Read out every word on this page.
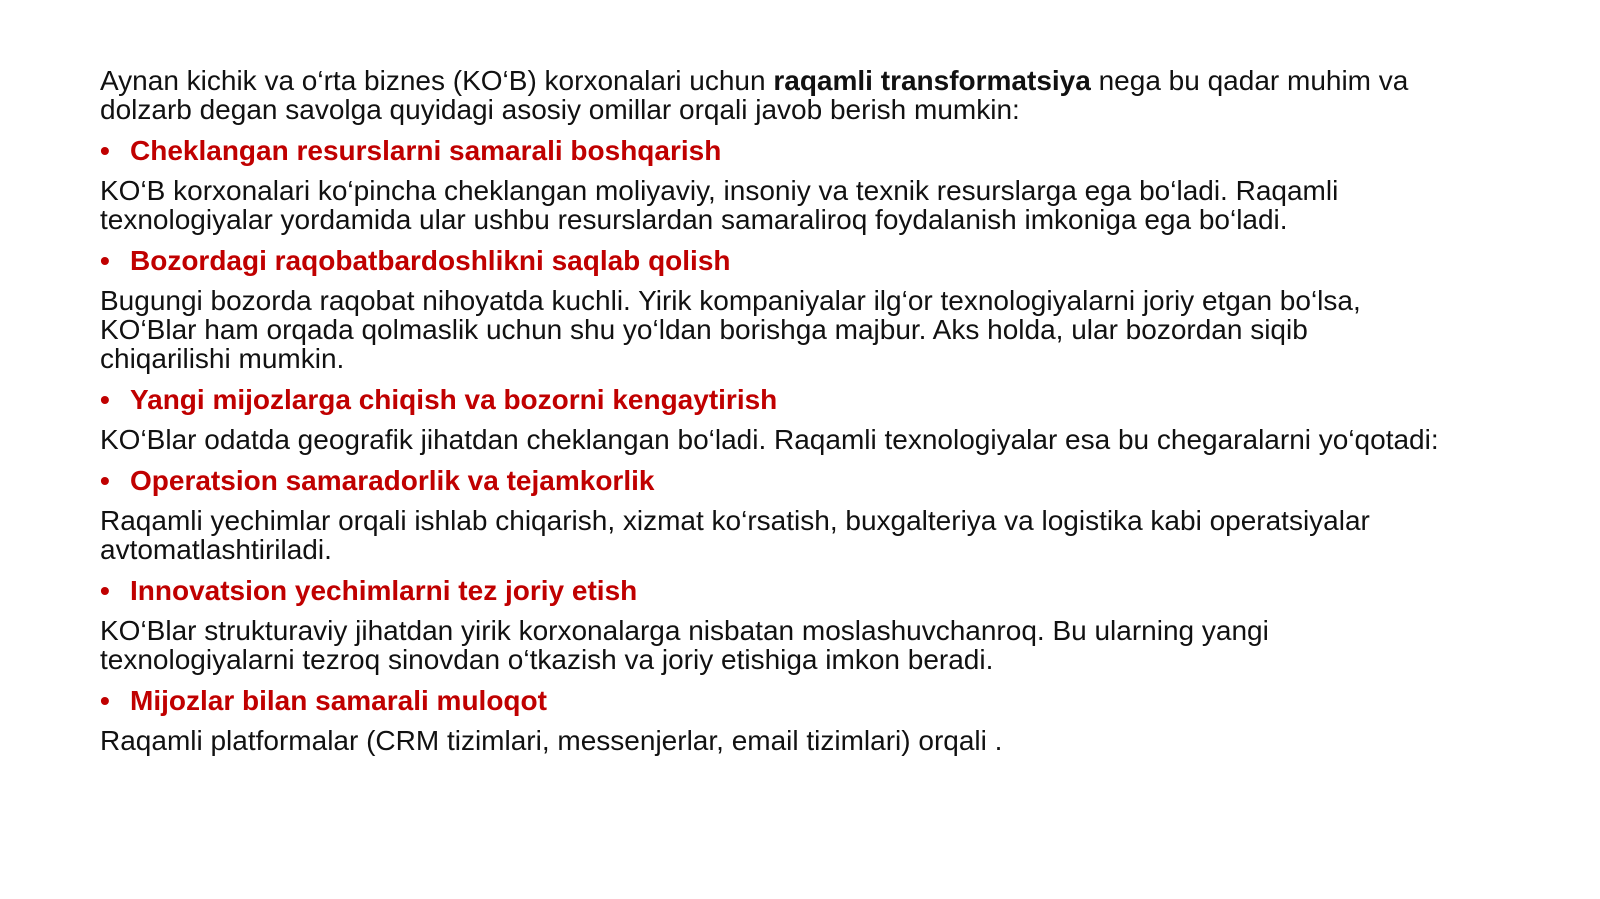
Aynan kichik va o‘rta biznes (KO‘B) korxonalari uchun raqamli transformatsiya nega bu qadar muhim va dolzarb degan savolga quyidagi asosiy omillar orqali javob berish mumkin:

• Cheklangan resurslarni samarali boshqarish

KO‘B korxonalari ko‘pincha cheklangan moliyaviy, insoniy va texnik resurslarga ega bo‘ladi. Raqamli texnologiyalar yordamida ular ushbu resurslardan samaraliroq foydalanish imkoniga ega bo‘ladi.

• Bozordagi raqobatbardoshlikni saqlab qolish

Bugungi bozorda raqobat nihoyatda kuchli. Yirik kompaniyalar ilg‘or texnologiyalarni joriy etgan bo‘lsa, KO‘Blar ham orqada qolmaslik uchun shu yo‘ldan borishga majbur. Aks holda, ular bozordan siqib chiqarilishi mumkin.

• Yangi mijozlarga chiqish va bozorni kengaytirish

KO‘Blar odatda geografik jihatdan cheklangan bo‘ladi. Raqamli texnologiyalar esa bu chegaralarni yo‘qotadi:

• Operatsion samaradorlik va tejamkorlik

Raqamli yechimlar orqali ishlab chiqarish, xizmat ko‘rsatish, buxgalteriya va logistika kabi operatsiyalar avtomatlashtiriladi.

• Innovatsion yechimlarni tez joriy etish

KO‘Blar strukturaviy jihatdan yirik korxonalarga nisbatan moslashuvchanroq. Bu ularning yangi texnologiyalarni tezroq sinovdan o‘tkazish va joriy etishiga imkon beradi.

• Mijozlar bilan samarali muloqot

Raqamli platformalar (CRM tizimlari, messenjerlar, email tizimlari) orqali .
